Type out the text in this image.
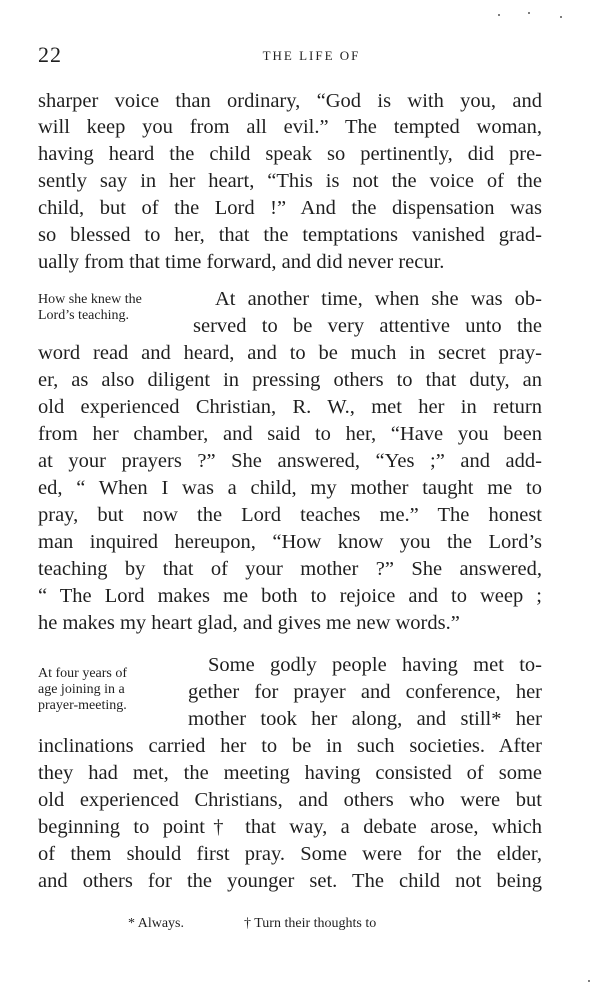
22	THE LIFE OF
sharper voice than ordinary, “God is with you, and
will keep you from all evil.” The tempted woman,
having heard the child speak so pertinently, did pre-
sently say in her heart, “This is not the voice of the
child, but of the Lord !” And the dispensation was
so blessed to her, that the temptations vanished grad-
ually from that time forward, and did never recur.
How she knew the
Lord’s teaching.
At another time, when she was ob-
served to be very attentive unto the
word read and heard, and to be much in secret pray-
er, as also diligent in pressing others to that duty, an
old experienced Christian, R. W., met her in return
from her chamber, and said to her, “Have you been
at your prayers ?” She answered, “Yes ;” and add-
ed, “ When I was a child, my mother taught me to
pray, but now the Lord teaches me.” The honest
man inquired hereupon, “How know you the Lord’s
teaching by that of your mother ?” She answered,
“ The Lord makes me both to rejoice and to weep ;
he makes my heart glad, and gives me new words.”
At four years of
age joining in a
prayer-meeting.
Some godly people having met to-
gether for prayer and conference, her
mother took her along, and still* her
inclinations carried her to be in such societies. After
they had met, the meeting having consisted of some
old experienced Christians, and others who were but
beginning to point† that way, a debate arose, which
of them should first pray. Some were for the elder,
and others for the younger set. The child not being
* Always.	† Turn their thoughts to
